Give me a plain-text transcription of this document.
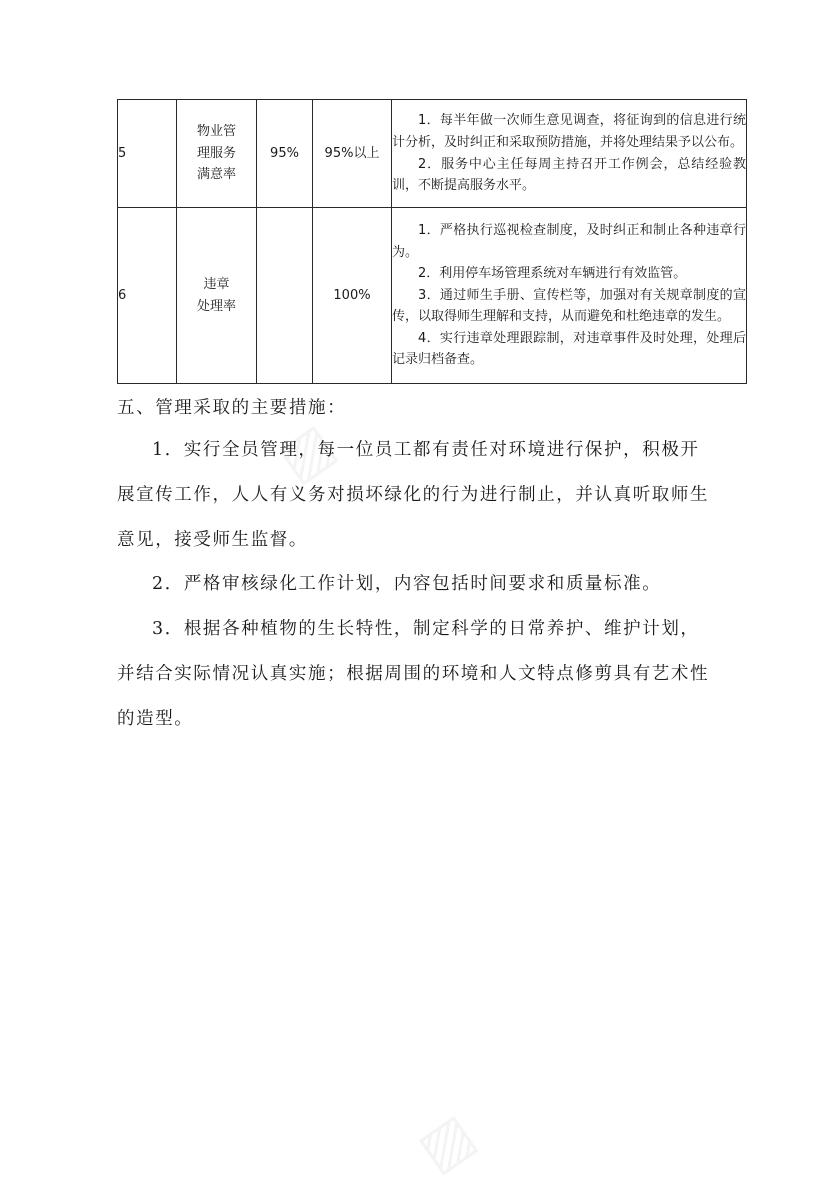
5	物业管
理服务
满意率	95%	95%以上	1．每半年做一次师生意见调查，将征询到的信息进行统计分析，及时纠正和采取预防措施，并将处理结果予以公布。
2．服务中心主任每周主持召开工作例会，总结经验教训，不断提高服务水平。

6	违章
处理率		100%	1．严格执行巡视检查制度，及时纠正和制止各种违章行为。
2．利用停车场管理系统对车辆进行有效监管。
3．通过师生手册、宣传栏等，加强对有关规章制度的宣传，以取得师生理解和支持，从而避免和杜绝违章的发生。
4．实行违章处理跟踪制，对违章事件及时处理，处理后记录归档备查。
五、管理采取的主要措施：
1．实行全员管理，每一位员工都有责任对环境进行保护，积极开展宣传工作，人人有义务对损坏绿化的行为进行制止，并认真听取师生意见，接受师生监督。
2．严格审核绿化工作计划，内容包括时间要求和质量标准。
3．根据各种植物的生长特性，制定科学的日常养护、维护计划，并结合实际情况认真实施；根据周围的环境和人文特点修剪具有艺术性的造型。
